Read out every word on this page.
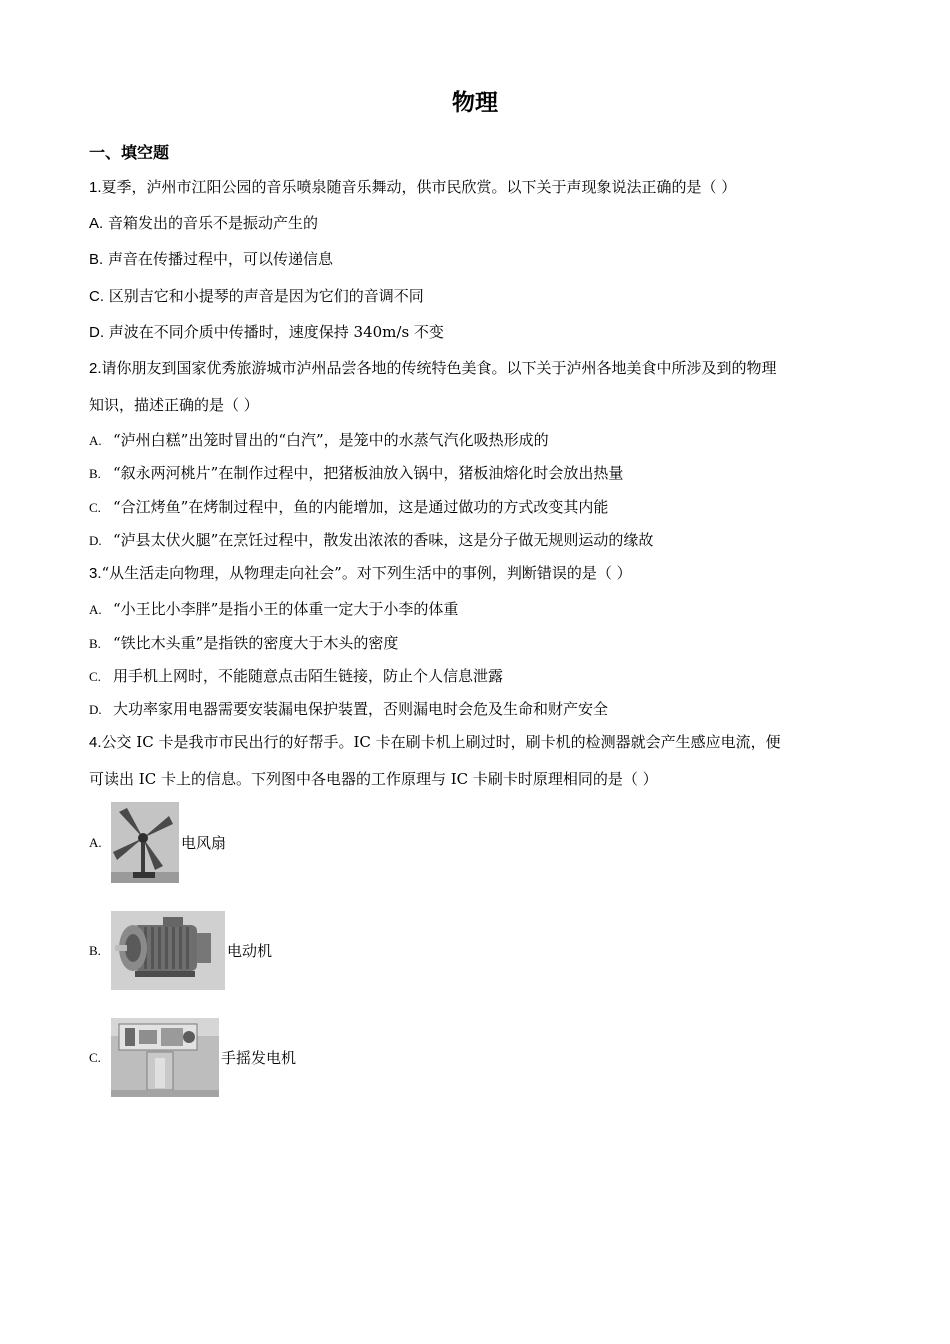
物理
一、填空题
1.夏季，泸州市江阳公园的音乐喷泉随音乐舞动，供市民欣赏。以下关于声现象说法正确的是（ ）
A. 音箱发出的音乐不是振动产生的
B. 声音在传播过程中，可以传递信息
C. 区别吉它和小提琴的声音是因为它们的音调不同
D. 声波在不同介质中传播时，速度保持 340m/s 不变
2.请你朋友到国家优秀旅游城市泸州品尝各地的传统特色美食。以下关于泸州各地美食中所涉及到的物理
知识，描述正确的是（ ）
A. “泸州白糕”出笼时冒出的“白汽”，是笼中的水蒸气汽化吸热形成的
B. “叙永两河桃片”在制作过程中，把猪板油放入锅中，猪板油熔化时会放出热量
C. “合江烤鱼”在烤制过程中，鱼的内能增加，这是通过做功的方式改变其内能
D. “泸县太伏火腿”在烹饪过程中，散发出浓浓的香味，这是分子做无规则运动的缘故
3.“从生活走向物理，从物理走向社会”。对下列生活中的事例，判断错误的是（ ）
A. “小王比小李胖”是指小王的体重一定大于小李的体重
B. “铁比木头重”是指铁的密度大于木头的密度
C. 用手机上网时，不能随意点击陌生链接，防止个人信息泄露
D. 大功率家用电器需要安装漏电保护装置，否则漏电时会危及生命和财产安全
4.公交 IC 卡是我市市民出行的好帮手。IC 卡在刷卡机上刷过时，刷卡机的检测器就会产生感应电流，便
可读出 IC 卡上的信息。下列图中各电器的工作原理与 IC 卡刷卡时原理相同的是（ ）
A.	电风扇
B.	电动机
C.	手摇发电机
